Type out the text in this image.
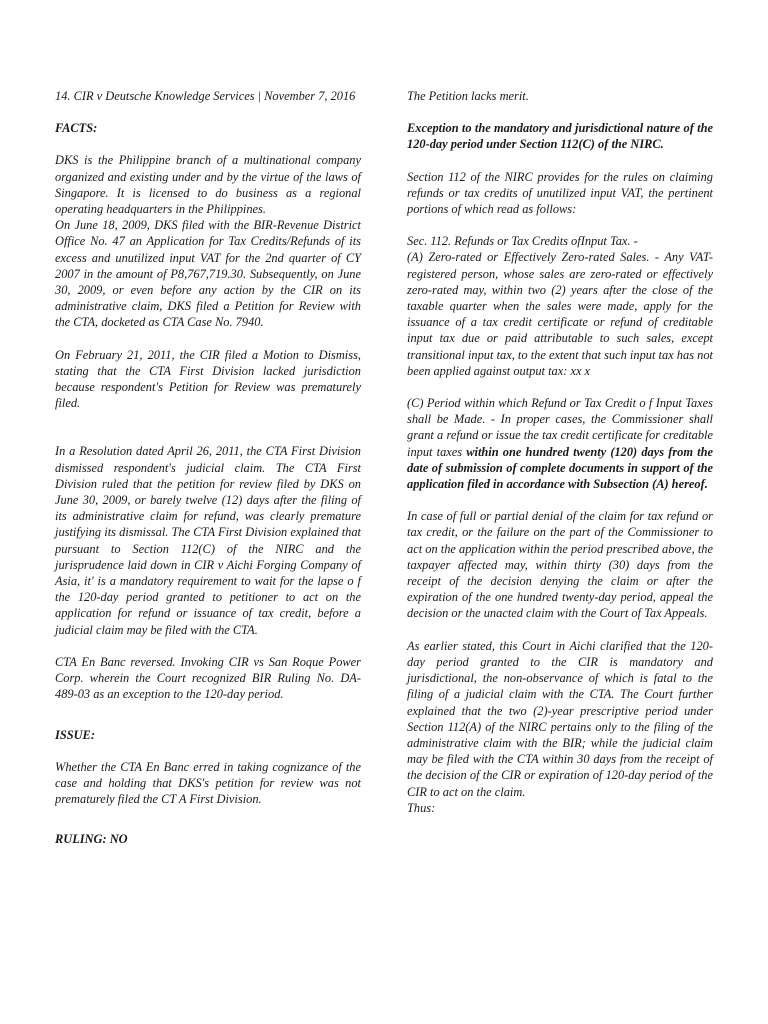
14. CIR v Deutsche Knowledge Services | November 7, 2016

FACTS:

DKS is the Philippine branch of a multinational company organized and existing under and by the virtue of the laws of Singapore. It is licensed to do business as a regional operating headquarters in the Philippines.

On June 18, 2009, DKS filed with the BIR-Revenue District Office No. 47 an Application for Tax Credits/Refunds of its excess and unutilized input VAT for the 2nd quarter of CY 2007 in the amount of P8,767,719.30. Subsequently, on June 30, 2009, or even before any action by the CIR on its administrative claim, DKS filed a Petition for Review with the CTA, docketed as CTA Case No. 7940.

On February 21, 2011, the CIR filed a Motion to Dismiss, stating that the CTA First Division lacked jurisdiction because respondent's Petition for Review was prematurely filed.

In a Resolution dated April 26, 2011, the CTA First Division dismissed respondent's judicial claim. The CTA First Division ruled that the petition for review filed by DKS on June 30, 2009, or barely twelve (12) days after the filing of its administrative claim for refund, was clearly premature justifying its dismissal. The CTA First Division explained that pursuant to Section 112(C) of the NIRC and the jurisprudence laid down in CIR v Aichi Forging Company of Asia, it' is a mandatory requirement to wait for the lapse o f the 120-day period granted to petitioner to act on the application for refund or issuance of tax credit, before a judicial claim may be filed with the CTA.

CTA En Banc reversed. Invoking CIR vs San Roque Power Corp. wherein the Court recognized BIR Ruling No. DA- 489-03 as an exception to the 120-day period.

ISSUE:

Whether the CTA En Banc erred in taking cognizance of the case and holding that DKS's petition for review was not prematurely filed the CT A First Division.

RULING: NO

The Petition lacks merit.

Exception to the mandatory and jurisdictional nature of the 120-day period under Section 112(C) of the NIRC.

Section 112 of the NIRC provides for the rules on claiming refunds or tax credits of unutilized input VAT, the pertinent portions of which read as follows:

Sec. 112. Refunds or Tax Credits ofInput Tax. -

(A) Zero-rated or Effectively Zero-rated Sales. - Any VAT- registered person, whose sales are zero-rated or effectively zero-rated may, within two (2) years after the close of the taxable quarter when the sales were made, apply for the issuance of a tax credit certificate or refund of creditable input tax due or paid attributable to such sales, except transitional input tax, to the extent that such input tax has not been applied against output tax: xx x

(C) Period within which Refund or Tax Credit o f Input Taxes shall be Made. - In proper cases, the Commissioner shall grant a refund or issue the tax credit certificate for creditable input taxes within one hundred twenty (120) days from the date of submission of complete documents in support of the application filed in accordance with Subsection (A) hereof.

In case of full or partial denial of the claim for tax refund or tax credit, or the failure on the part of the Commissioner to act on the application within the period prescribed above, the taxpayer affected may, within thirty (30) days from the receipt of the decision denying the claim or after the expiration of the one hundred twenty-day period, appeal the decision or the unacted claim with the Court of Tax Appeals.

As earlier stated, this Court in Aichi clarified that the 120-day period granted to the CIR is mandatory and jurisdictional, the non-observance of which is fatal to the filing of a judicial claim with the CTA. The Court further explained that the two (2)-year prescriptive period under Section 112(A) of the NIRC pertains only to the filing of the administrative claim with the BIR; while the judicial claim may be filed with the CTA within 30 days from the receipt of the decision of the CIR or expiration of 120-day period of the CIR to act on the claim.

Thus:
